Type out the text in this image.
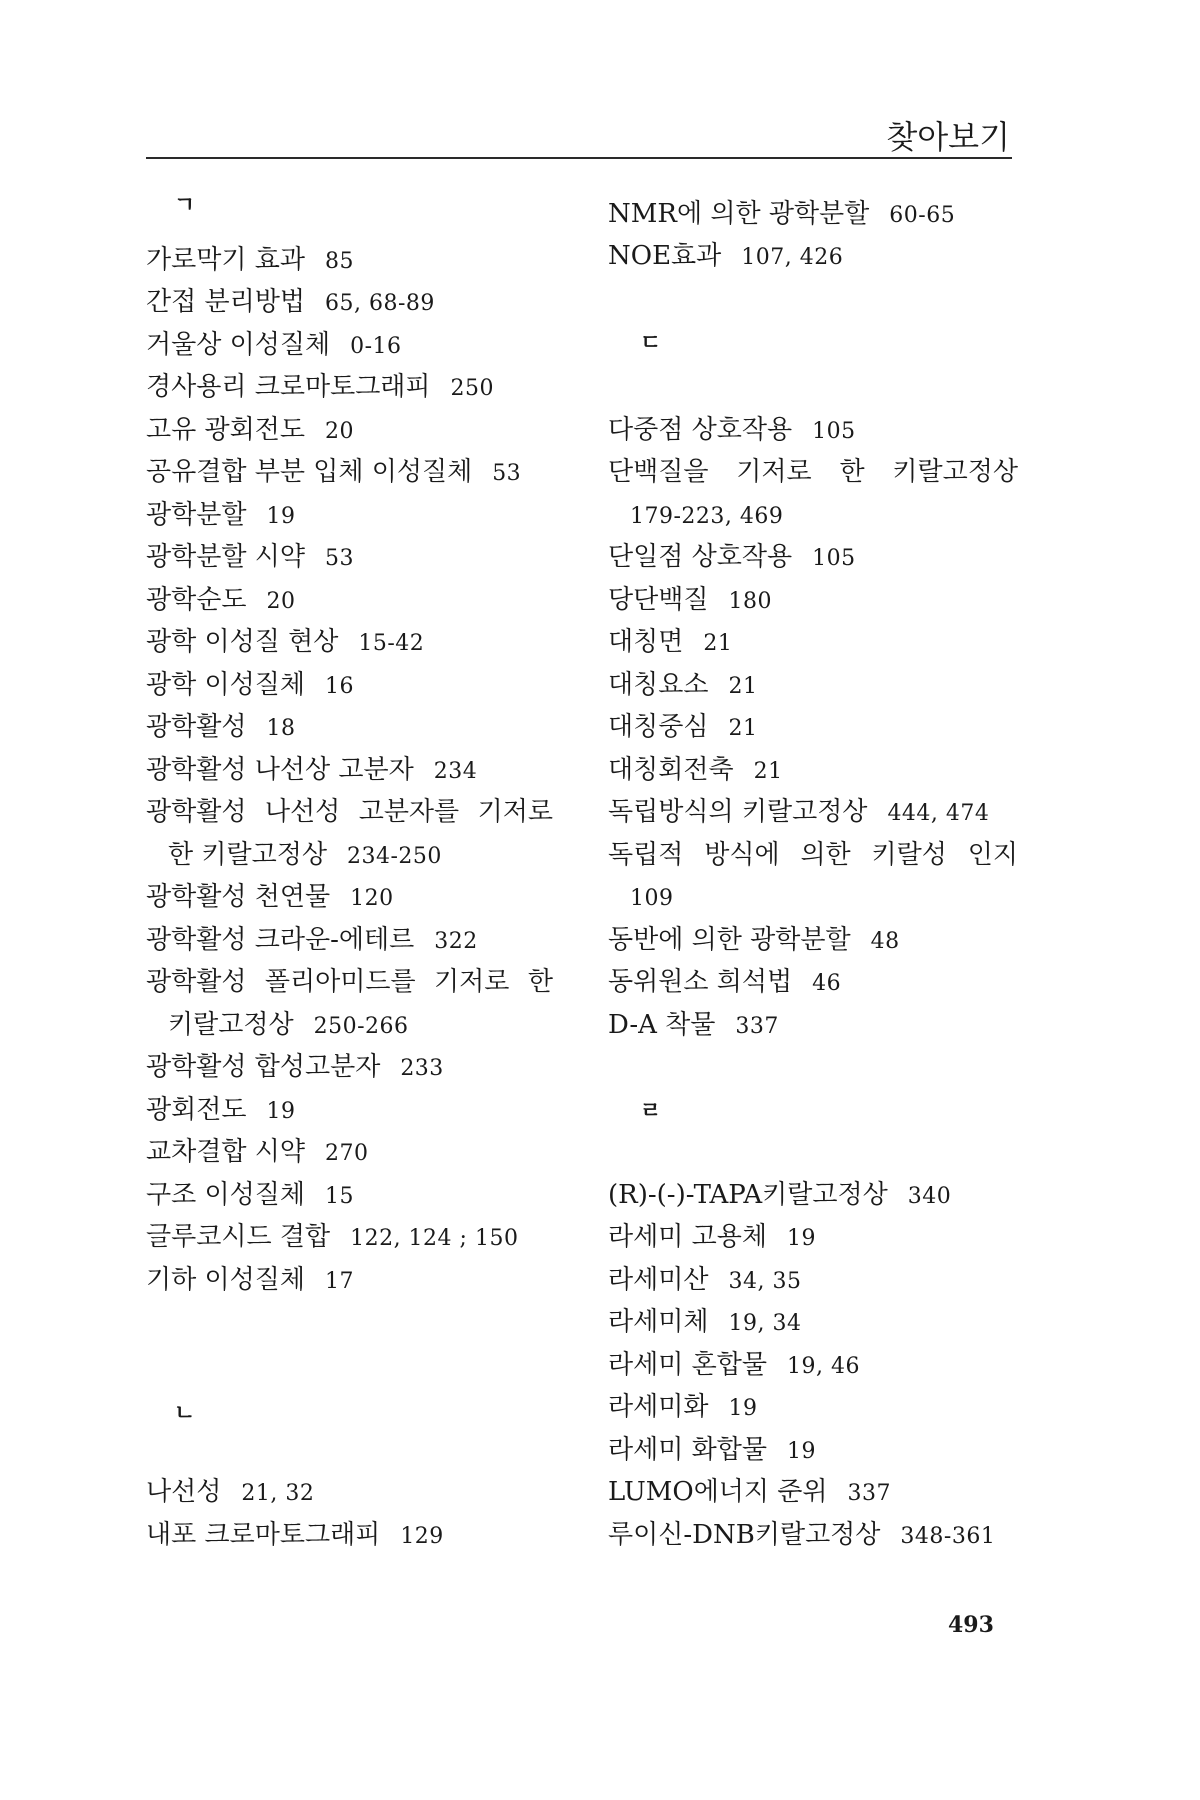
찾아보기
ㄱ
가로막기 효과 85
간접 분리방법 65, 68-89
거울상 이성질체 0-16
경사용리 크로마토그래피 250
고유 광회전도 20
공유결합 부분 입체 이성질체 53
광학분할 19
광학분할 시약 53
광학순도 20
광학 이성질 현상 15-42
광학 이성질체 16
광학활성 18
광학활성 나선상 고분자 234
광학활성 나선성 고분자를 기저로
한 키랄고정상 234-250
광학활성 천연물 120
광학활성 크라운-에테르 322
광학활성 폴리아미드를 기저로 한
키랄고정상 250-266
광학활성 합성고분자 233
광회전도 19
교차결합 시약 270
구조 이성질체 15
글루코시드 결합 122, 124 ; 150
기하 이성질체 17
ㄴ
나선성 21, 32
내포 크로마토그래피 129
NMR에 의한 광학분할 60-65
NOE효과 107, 426
ㄷ
다중점 상호작용 105
단백질을 기저로 한 키랄고정상
179-223, 469
단일점 상호작용 105
당단백질 180
대칭면 21
대칭요소 21
대칭중심 21
대칭회전축 21
독립방식의 키랄고정상 444, 474
독립적 방식에 의한 키랄성 인지
109
동반에 의한 광학분할 48
동위원소 희석법 46
D-A 착물 337
ㄹ
(R)-(-)-TAPA키랄고정상 340
라세미 고용체 19
라세미산 34, 35
라세미체 19, 34
라세미 혼합물 19, 46
라세미화 19
라세미 화합물 19
LUMO에너지 준위 337
루이신-DNB키랄고정상 348-361
493
